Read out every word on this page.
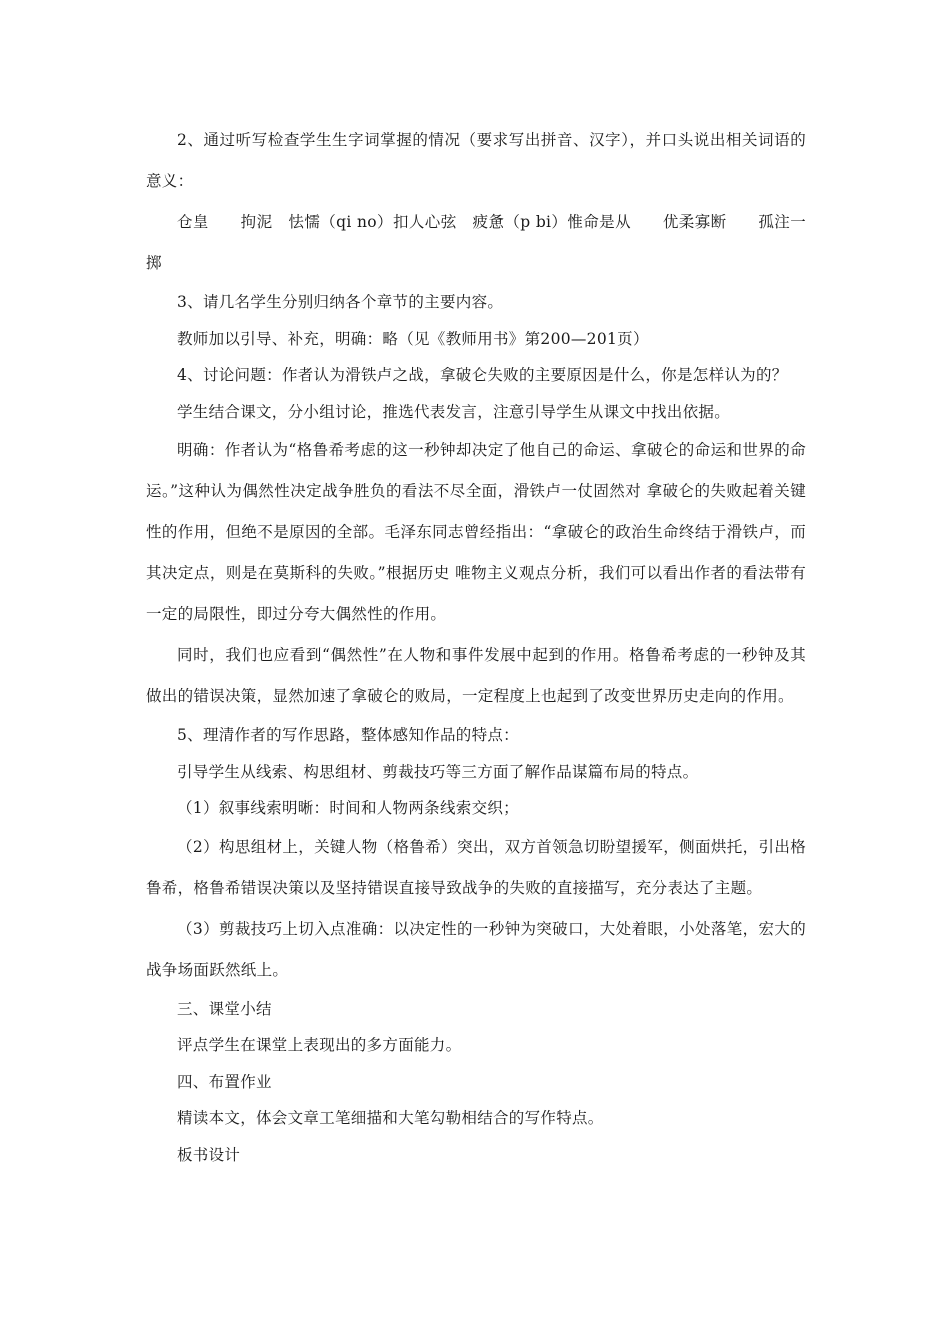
2、通过听写检查学生生字词掌握的情况（要求写出拼音、汉字），并口头说出相关词语的意义：

仓皇　　拘泥　怯懦（qi no）扣人心弦　疲惫（p bi）惟命是从　　优柔寡断　　孤注一掷

3、请几名学生分别归纳各个章节的主要内容。

教师加以引导、补充，明确：略（见《教师用书》第200—201页）

4、讨论问题：作者认为滑铁卢之战，拿破仑失败的主要原因是什么，你是怎样认为的？

学生结合课文，分小组讨论，推选代表发言，注意引导学生从课文中找出依据。

明确：作者认为“格鲁希考虑的这一秒钟却决定了他自己的命运、拿破仑的命运和世界的命运。”这种认为偶然性决定战争胜负的看法不尽全面，滑铁卢一仗固然对 拿破仑的失败起着关键性的作用，但绝不是原因的全部。毛泽东同志曾经指出：“拿破仑的政治生命终结于滑铁卢，而其决定点，则是在莫斯科的失败。”根据历史 唯物主义观点分析，我们可以看出作者的看法带有一定的局限性，即过分夸大偶然性的作用。

同时，我们也应看到“偶然性”在人物和事件发展中起到的作用。格鲁希考虑的一秒钟及其做出的错误决策，显然加速了拿破仑的败局，一定程度上也起到了改变世界历史走向的作用。

5、理清作者的写作思路，整体感知作品的特点：

引导学生从线索、构思组材、剪裁技巧等三方面了解作品谋篇布局的特点。

（1）叙事线索明晰：时间和人物两条线索交织；

（2）构思组材上，关键人物（格鲁希）突出，双方首领急切盼望援军，侧面烘托，引出格鲁希，格鲁希错误决策以及坚持错误直接导致战争的失败的直接描写，充分表达了主题。

（3）剪裁技巧上切入点准确：以决定性的一秒钟为突破口，大处着眼，小处落笔，宏大的战争场面跃然纸上。

三、课堂小结

评点学生在课堂上表现出的多方面能力。

四、布置作业

精读本文，体会文章工笔细描和大笔勾勒相结合的写作特点。

板书设计
